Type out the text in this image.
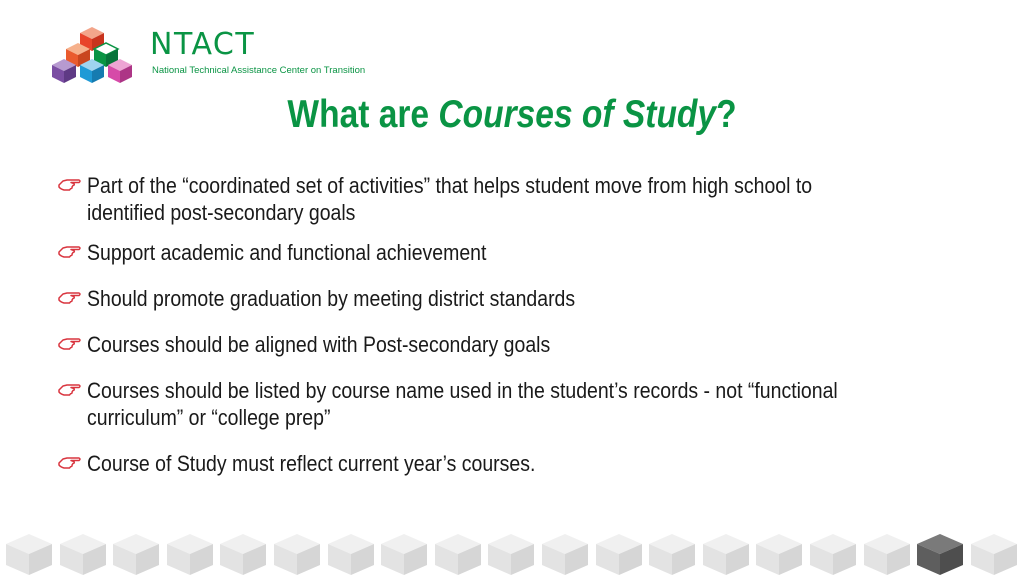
NTACT
National Technical Assistance Center on Transition
What are Courses of Study?
Part of the “coordinated set of activities” that helps student move from high school to identified post-secondary goals
Support academic and functional achievement
Should promote graduation by meeting district standards
Courses should be aligned with Post-secondary goals
Courses should be listed by course name used in the student’s records - not “functional curriculum” or “college prep”
Course of Study must reflect current year’s courses.
